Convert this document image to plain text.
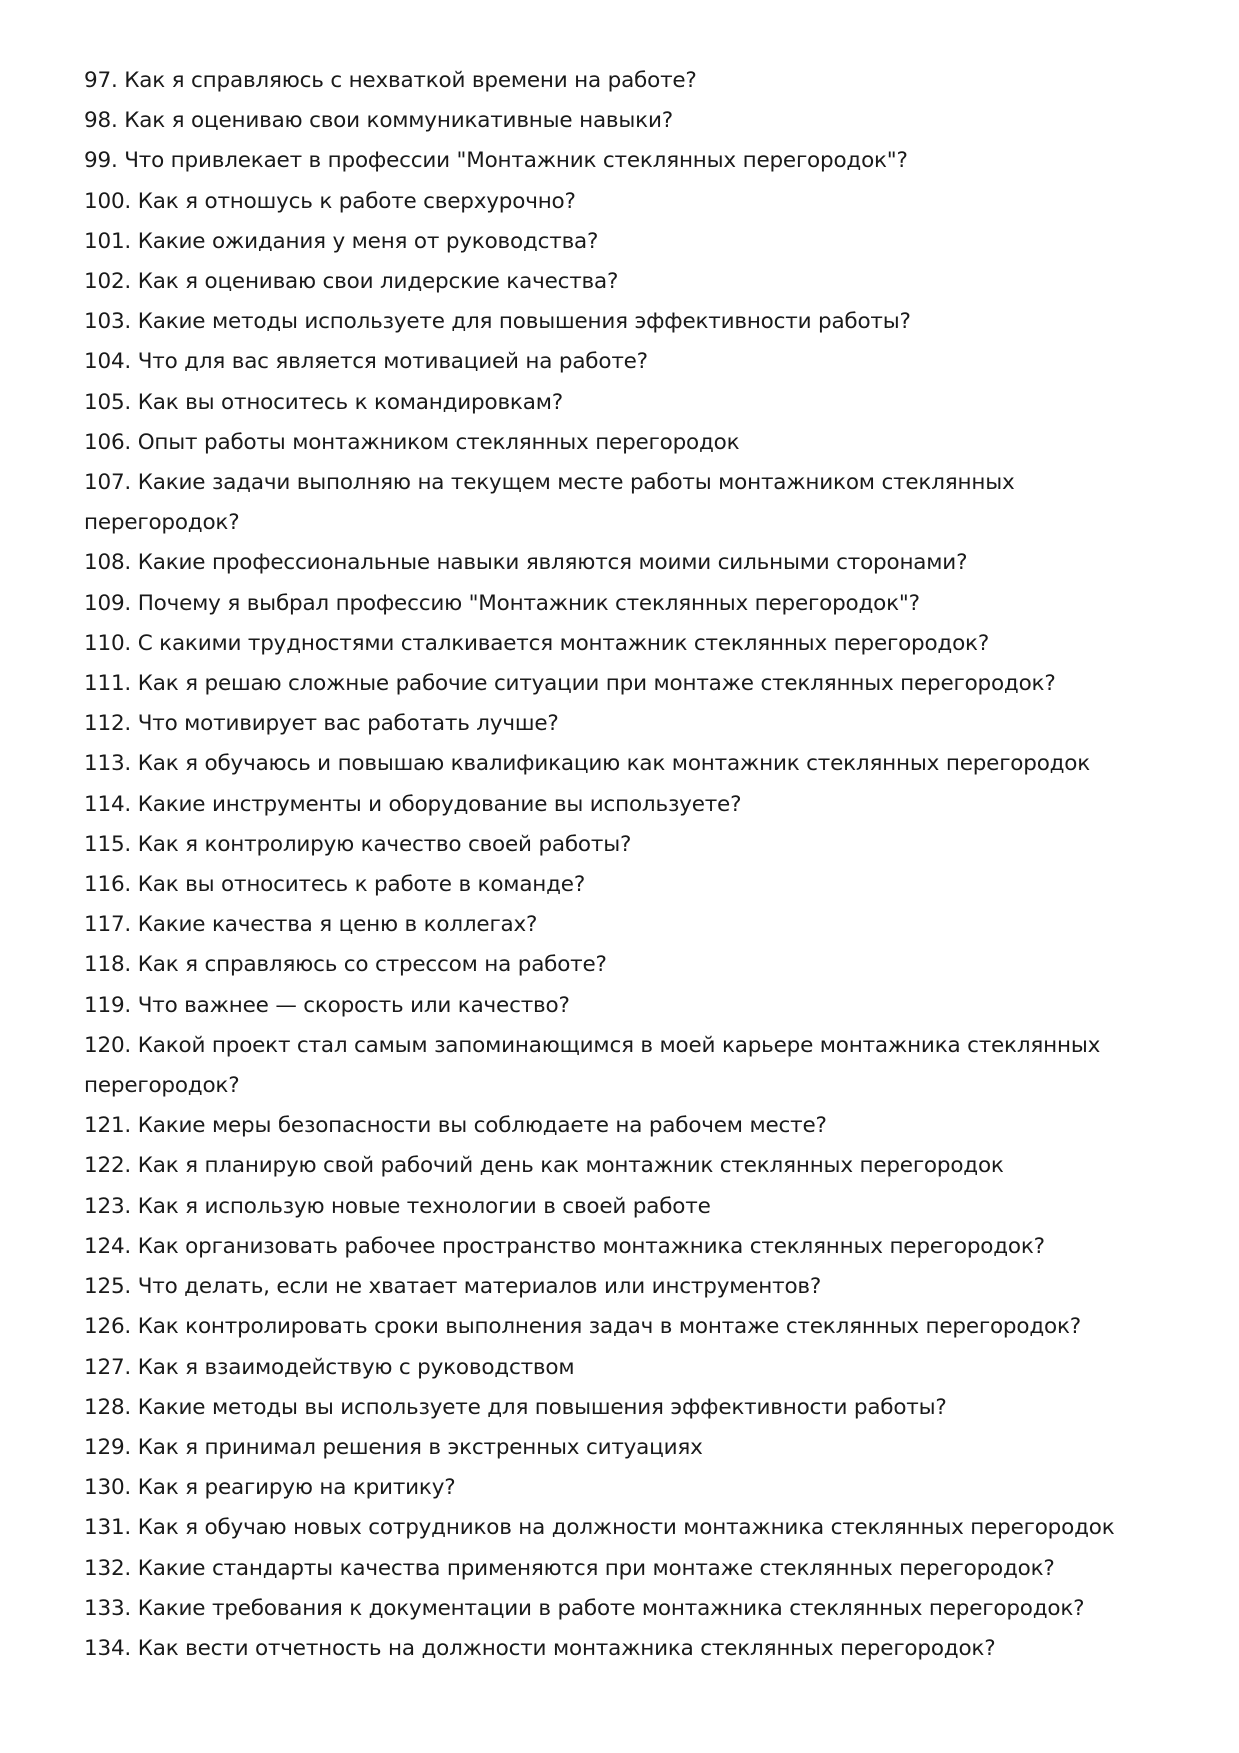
97. Как я справляюсь с нехваткой времени на работе?
98. Как я оцениваю свои коммуникативные навыки?
99. Что привлекает в профессии "Монтажник стеклянных перегородок"?
100. Как я отношусь к работе сверхурочно?
101. Какие ожидания у меня от руководства?
102. Как я оцениваю свои лидерские качества?
103. Какие методы используете для повышения эффективности работы?
104. Что для вас является мотивацией на работе?
105. Как вы относитесь к командировкам?
106. Опыт работы монтажником стеклянных перегородок
107. Какие задачи выполняю на текущем месте работы монтажником стеклянных перегородок?
108. Какие профессиональные навыки являются моими сильными сторонами?
109. Почему я выбрал профессию "Монтажник стеклянных перегородок"?
110. С какими трудностями сталкивается монтажник стеклянных перегородок?
111. Как я решаю сложные рабочие ситуации при монтаже стеклянных перегородок?
112. Что мотивирует вас работать лучше?
113. Как я обучаюсь и повышаю квалификацию как монтажник стеклянных перегородок
114. Какие инструменты и оборудование вы используете?
115. Как я контролирую качество своей работы?
116. Как вы относитесь к работе в команде?
117. Какие качества я ценю в коллегах?
118. Как я справляюсь со стрессом на работе?
119. Что важнее — скорость или качество?
120. Какой проект стал самым запоминающимся в моей карьере монтажника стеклянных перегородок?
121. Какие меры безопасности вы соблюдаете на рабочем месте?
122. Как я планирую свой рабочий день как монтажник стеклянных перегородок
123. Как я использую новые технологии в своей работе
124. Как организовать рабочее пространство монтажника стеклянных перегородок?
125. Что делать, если не хватает материалов или инструментов?
126. Как контролировать сроки выполнения задач в монтаже стеклянных перегородок?
127. Как я взаимодействую с руководством
128. Какие методы вы используете для повышения эффективности работы?
129. Как я принимал решения в экстренных ситуациях
130. Как я реагирую на критику?
131. Как я обучаю новых сотрудников на должности монтажника стеклянных перегородок
132. Какие стандарты качества применяются при монтаже стеклянных перегородок?
133. Какие требования к документации в работе монтажника стеклянных перегородок?
134. Как вести отчетность на должности монтажника стеклянных перегородок?
